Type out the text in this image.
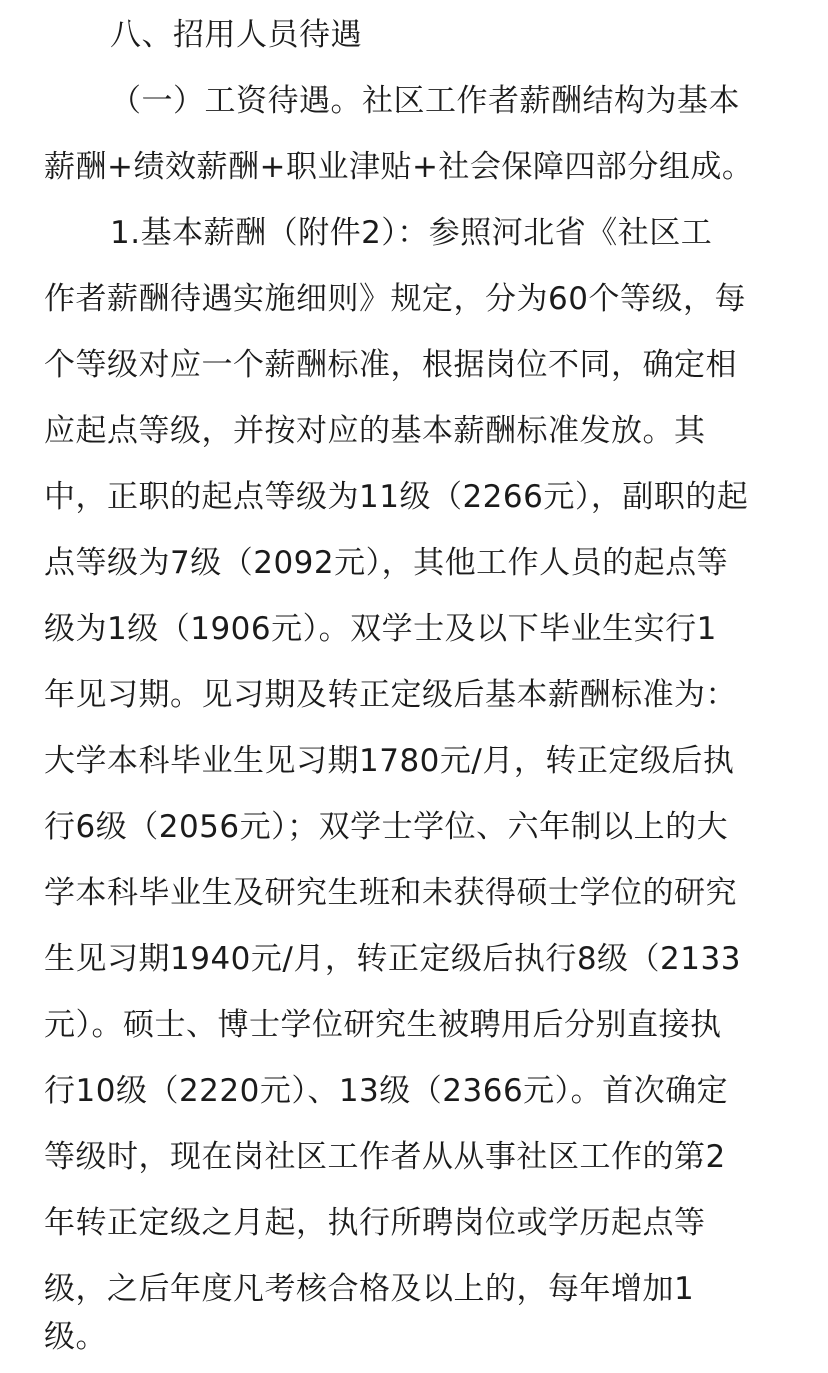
八、招用人员待遇
（一）工资待遇。社区工作者薪酬结构为基本
薪酬+绩效薪酬+职业津贴+社会保障四部分组成。
1.基本薪酬（附件2）：参照河北省《社区工
作者薪酬待遇实施细则》规定，分为60个等级，每
个等级对应一个薪酬标准，根据岗位不同，确定相
应起点等级，并按对应的基本薪酬标准发放。其
中，正职的起点等级为11级（2266元），副职的起
点等级为7级（2092元），其他工作人员的起点等
级为1级（1906元）。双学士及以下毕业生实行1
年见习期。见习期及转正定级后基本薪酬标准为：
大学本科毕业生见习期1780元/月，转正定级后执
行6级（2056元）；双学士学位、六年制以上的大
学本科毕业生及研究生班和未获得硕士学位的研究
生见习期1940元/月，转正定级后执行8级（2133
元）。硕士、博士学位研究生被聘用后分别直接执
行10级（2220元）、13级（2366元）。首次确定
等级时，现在岗社区工作者从从事社区工作的第2
年转正定级之月起，执行所聘岗位或学历起点等
级，之后年度凡考核合格及以上的，每年增加1
级。
